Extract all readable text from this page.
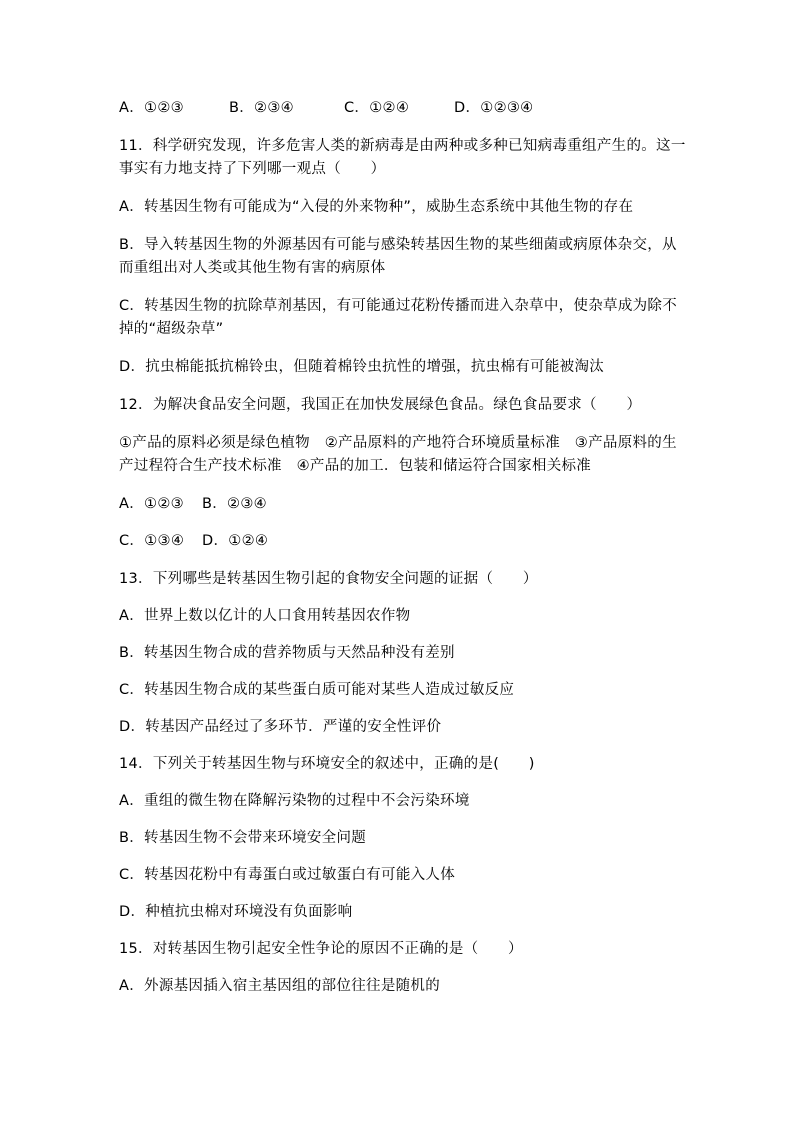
A．①②③	B．②③④	C．①②④	D．①②③④
11．科学研究发现，许多危害人类的新病毒是由两种或多种已知病毒重组产生的。这一
事实有力地支持了下列哪一观点（　　）
A．转基因生物有可能成为“入侵的外来物种”，威胁生态系统中其他生物的存在
B．导入转基因生物的外源基因有可能与感染转基因生物的某些细菌或病原体杂交，从
而重组出对人类或其他生物有害的病原体
C．转基因生物的抗除草剂基因，有可能通过花粉传播而进入杂草中，使杂草成为除不
掉的“超级杂草”
D．抗虫棉能抵抗棉铃虫，但随着棉铃虫抗性的增强，抗虫棉有可能被淘汰
12．为解决食品安全问题，我国正在加快发展绿色食品。绿色食品要求（　　）
①产品的原料必须是绿色植物　②产品原料的产地符合环境质量标准　③产品原料的生
产过程符合生产技术标准　④产品的加工．包装和储运符合国家相关标准
A．①②③ B．②③④
C．①③④ D．①②④
13．下列哪些是转基因生物引起的食物安全问题的证据（　　）
A．世界上数以亿计的人口食用转基因农作物
B．转基因生物合成的营养物质与天然品种没有差别
C．转基因生物合成的某些蛋白质可能对某些人造成过敏反应
D．转基因产品经过了多环节．严谨的安全性评价
14．下列关于转基因生物与环境安全的叙述中，正确的是(　　)
A．重组的微生物在降解污染物的过程中不会污染环境
B．转基因生物不会带来环境安全问题
C．转基因花粉中有毒蛋白或过敏蛋白有可能入人体
D．种植抗虫棉对环境没有负面影响
15．对转基因生物引起安全性争论的原因不正确的是（　　）
A．外源基因插入宿主基因组的部位往往是随机的
